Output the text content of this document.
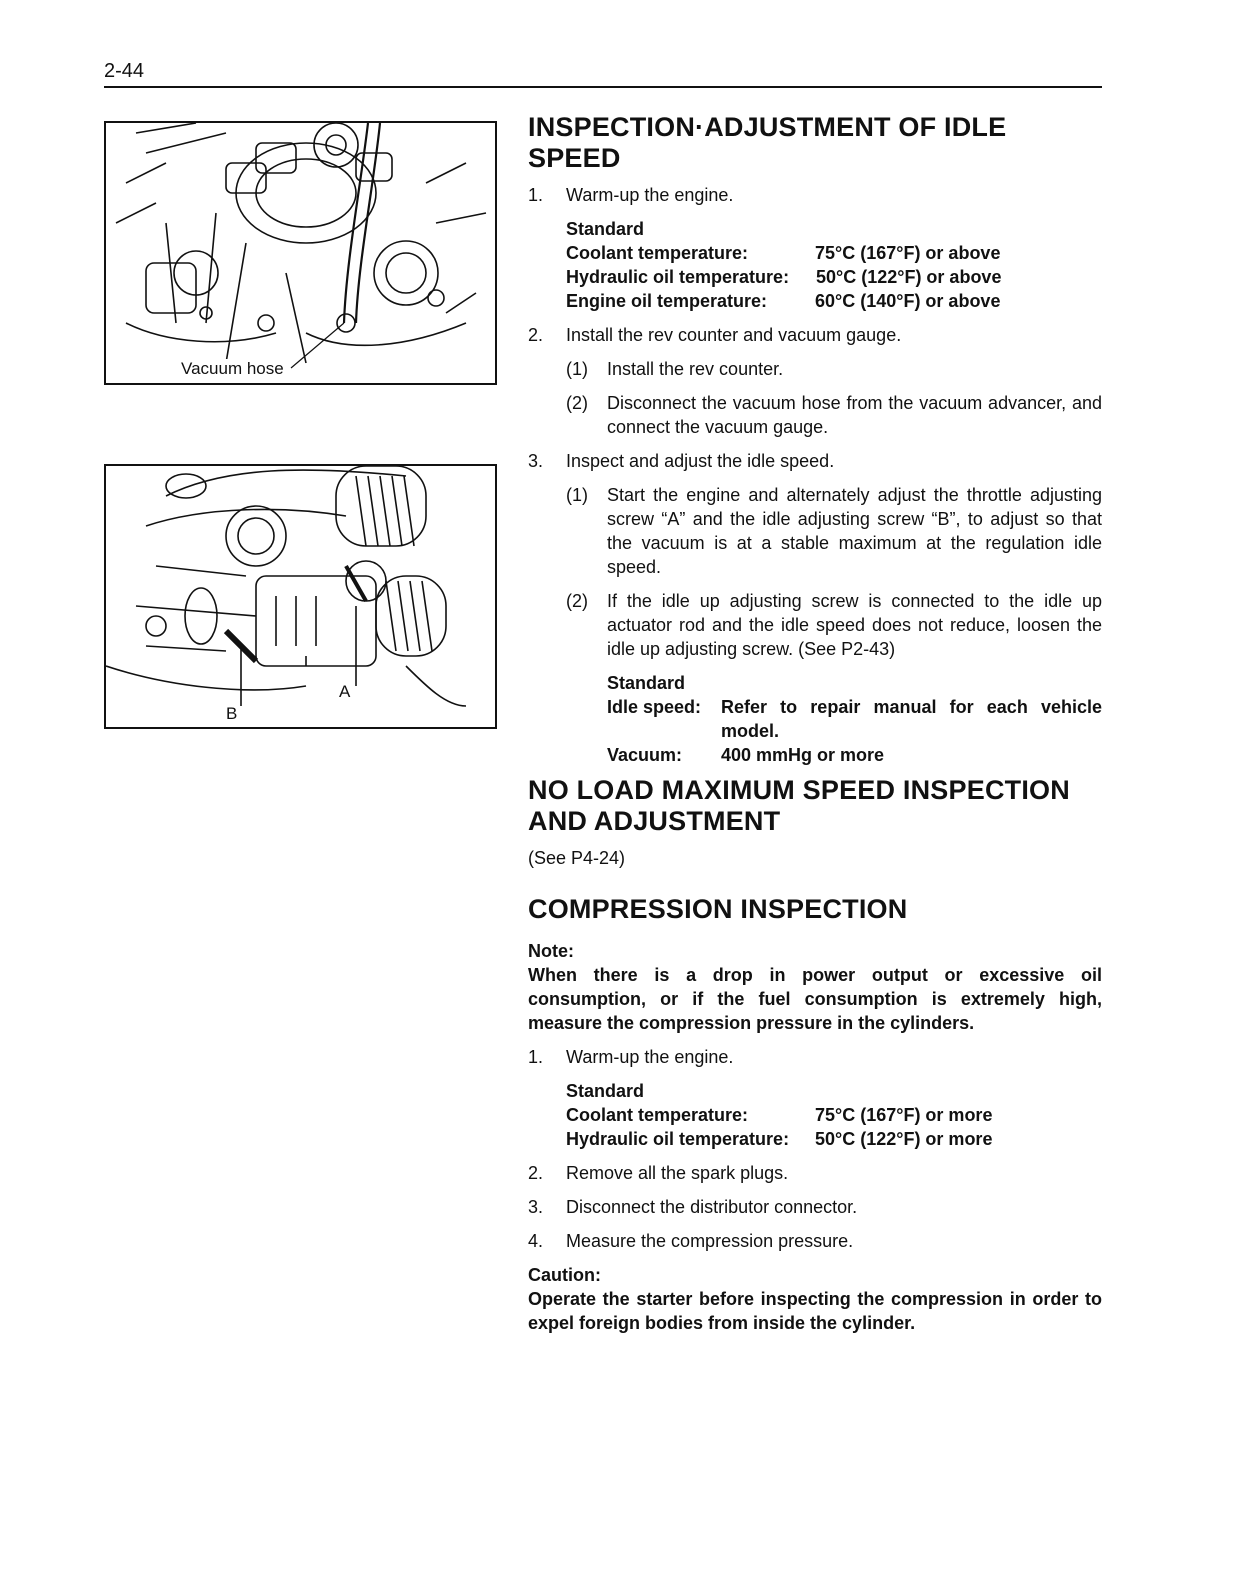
2-44
Vacuum hose
A
B
INSPECTION·ADJUSTMENT OF IDLE SPEED
1. Warm-up the engine.
Standard
Coolant temperature:	75°C (167°F) or above
Hydraulic oil temperature:	50°C (122°F) or above
Engine oil temperature:	60°C (140°F) or above
2. Install the rev counter and vacuum gauge.
(1) Install the rev counter.
(2) Disconnect the vacuum hose from the vacuum advancer, and connect the vacuum gauge.
3. Inspect and adjust the idle speed.
(1) Start the engine and alternately adjust the throttle adjusting screw “A” and the idle adjusting screw “B”, to adjust so that the vacuum is at a stable maximum at the regulation idle speed.
(2) If the idle up adjusting screw is connected to the idle up actuator rod and the idle speed does not reduce, loosen the idle up adjusting screw. (See P2-43)
Standard
Idle speed:	Refer to repair manual for each vehicle model.
Vacuum:	400 mmHg or more
NO LOAD MAXIMUM SPEED INSPECTION AND ADJUSTMENT
(See P4-24)
COMPRESSION INSPECTION
Note:
When there is a drop in power output or excessive oil consumption, or if the fuel consumption is extremely high, measure the compression pressure in the cylinders.
1. Warm-up the engine.
Standard
Coolant temperature:	75°C (167°F) or more
Hydraulic oil temperature:	50°C (122°F) or more
2. Remove all the spark plugs.
3. Disconnect the distributor connector.
4. Measure the compression pressure.
Caution:
Operate the starter before inspecting the compression in order to expel foreign bodies from inside the cylinder.
